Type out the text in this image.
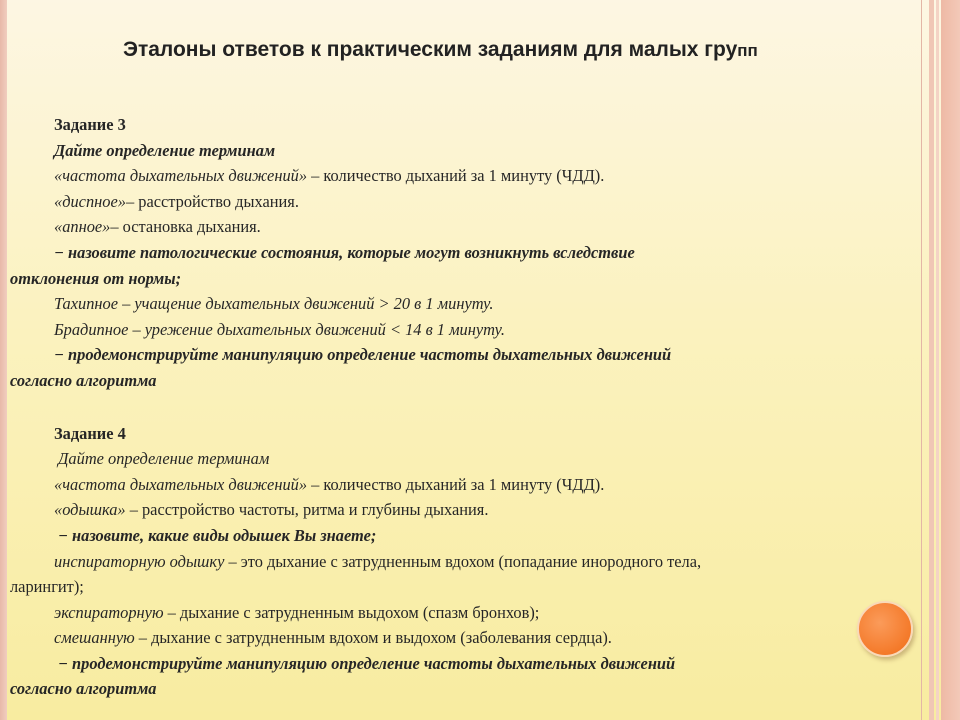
Эталоны ответов к практическим заданиям для малых групп
Задание 3
Дайте определение терминам
«частота дыхательных движений» – количество дыханий за 1 минуту (ЧДД).
«диспное»– расстройство дыхания.
«апное»– остановка дыхания.
− назовите патологические состояния, которые могут возникнуть вследствие
отклонения от нормы;
Тахипное – учащение дыхательных движений > 20 в 1 минуту.
Брадипное – урежение дыхательных движений < 14 в 1 минуту.
− продемонстрируйте манипуляцию определение частоты дыхательных движений
согласно алгоритма
Задание 4
Дайте определение терминам
«частота дыхательных движений» – количество дыханий за 1 минуту (ЧДД).
«одышка» – расстройство частоты, ритма и глубины дыхания.
− назовите, какие виды одышек Вы знаете;
инспираторную одышку – это дыхание с затрудненным вдохом (попадание инородного тела,
ларингит);
экспираторную – дыхание с затрудненным выдохом (спазм бронхов);
смешанную – дыхание с затрудненным вдохом и выдохом (заболевания сердца).
− продемонстрируйте манипуляцию определение частоты дыхательных движений
согласно алгоритма
